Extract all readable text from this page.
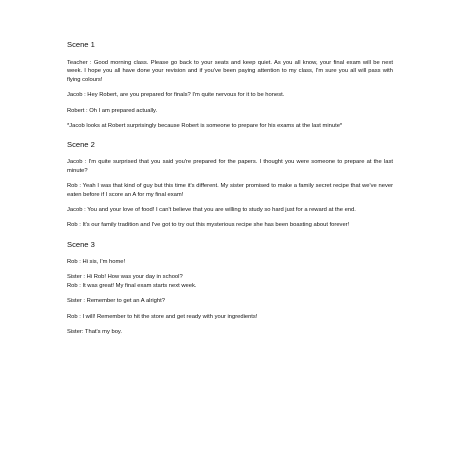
Scene 1

Teacher : Good morning class. Please go back to your seats and keep quiet. As you all know, your final exam will be next week. I hope you all have done your revision and if you've been paying attention to my class, I'm sure you all will pass with flying colours!

Jacob : Hey Robert, are you prepared for finals? I'm quite nervous for it to be honest.

Robert : Oh I am prepared actually.

*Jacob looks at Robert surprisingly because Robert is someone to prepare for his exams at the last minute*

Scene 2

Jacob : I'm quite surprised that you said you're prepared for the papers. I thought you were someone to prepare at the last minute?

Rob : Yeah I was that kind of guy but this time it's different. My sister promised to make a family secret recipe that we've never eaten before if I score an A for my final exam!

Jacob : You and your love of food! I can't believe that you are willing to study so hard just for a reward at the end.

Rob : It's our family tradition and I've got to try out this mysterious recipe she has been boasting about forever!

Scene 3

Rob : Hi sis, I'm home!

Sister : Hi Rob! How was your day in school?

Rob : It was great! My final exam starts next week.

Sister : Remember to get an A alright?

Rob : I will! Remember to hit the store and get ready with your ingredients!

Sister: That's my boy.
